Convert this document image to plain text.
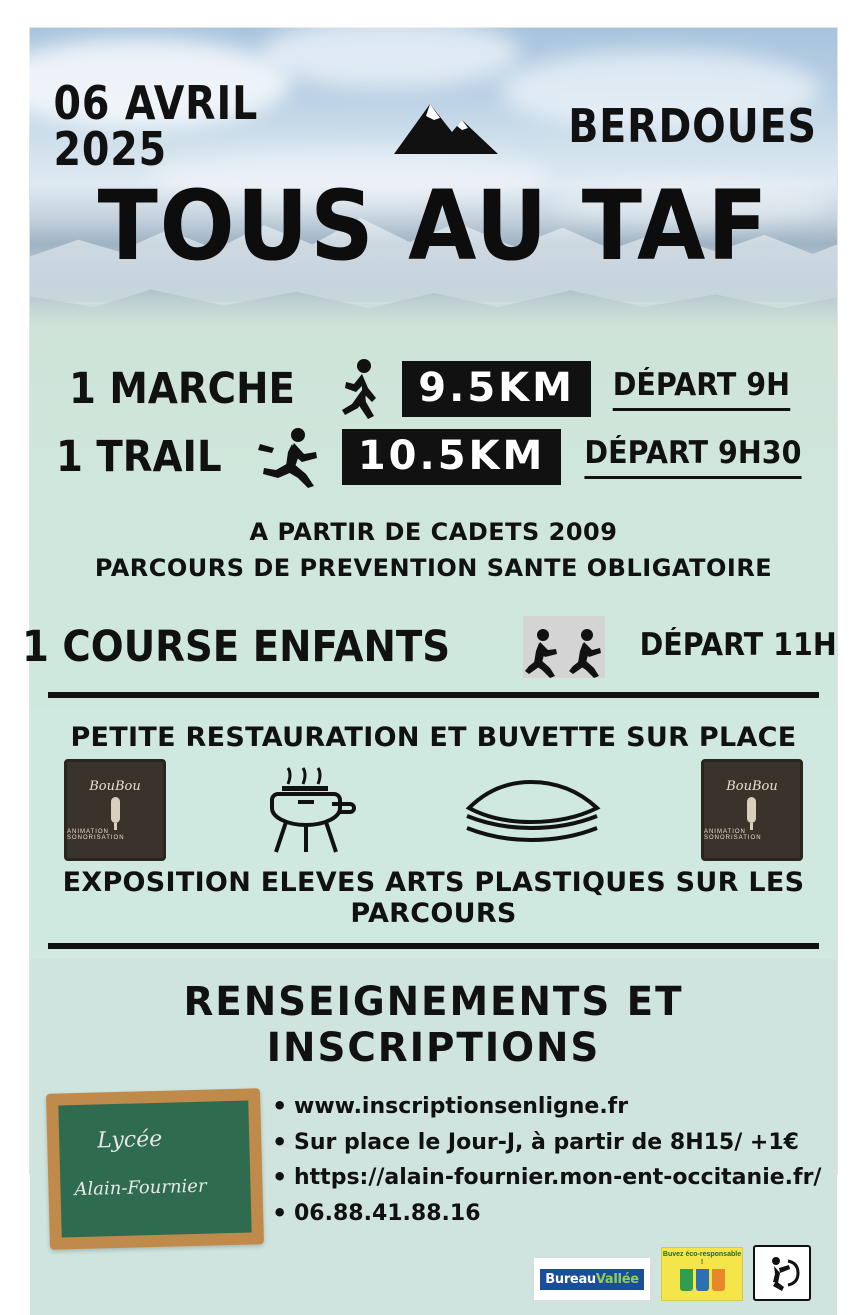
06 AVRIL 2025	BERDOUES
TOUS AU TAF
1 MARCHE	9.5KM	DÉPART 9H
1 TRAIL	10.5KM	DÉPART 9H30
A PARTIR DE CADETS 2009
PARCOURS DE PREVENTION SANTE OBLIGATOIRE
1 COURSE ENFANTS	DÉPART 11H
PETITE RESTAURATION ET BUVETTE SUR PLACE
BouBou
ANIMATION SONORISATION
BouBou
ANIMATION SONORISATION
EXPOSITION ELEVES ARTS PLASTIQUES SUR LES PARCOURS
RENSEIGNEMENTS ET INSCRIPTIONS
Lycée
Alain-Fournier
• www.inscriptionsenligne.fr
• Sur place le Jour-J, à partir de 8H15/ +1€
• https://alain-fournier.mon-ent-occitanie.fr/
• 06.88.41.88.16
BureauVallée
Buvez éco-responsable !
